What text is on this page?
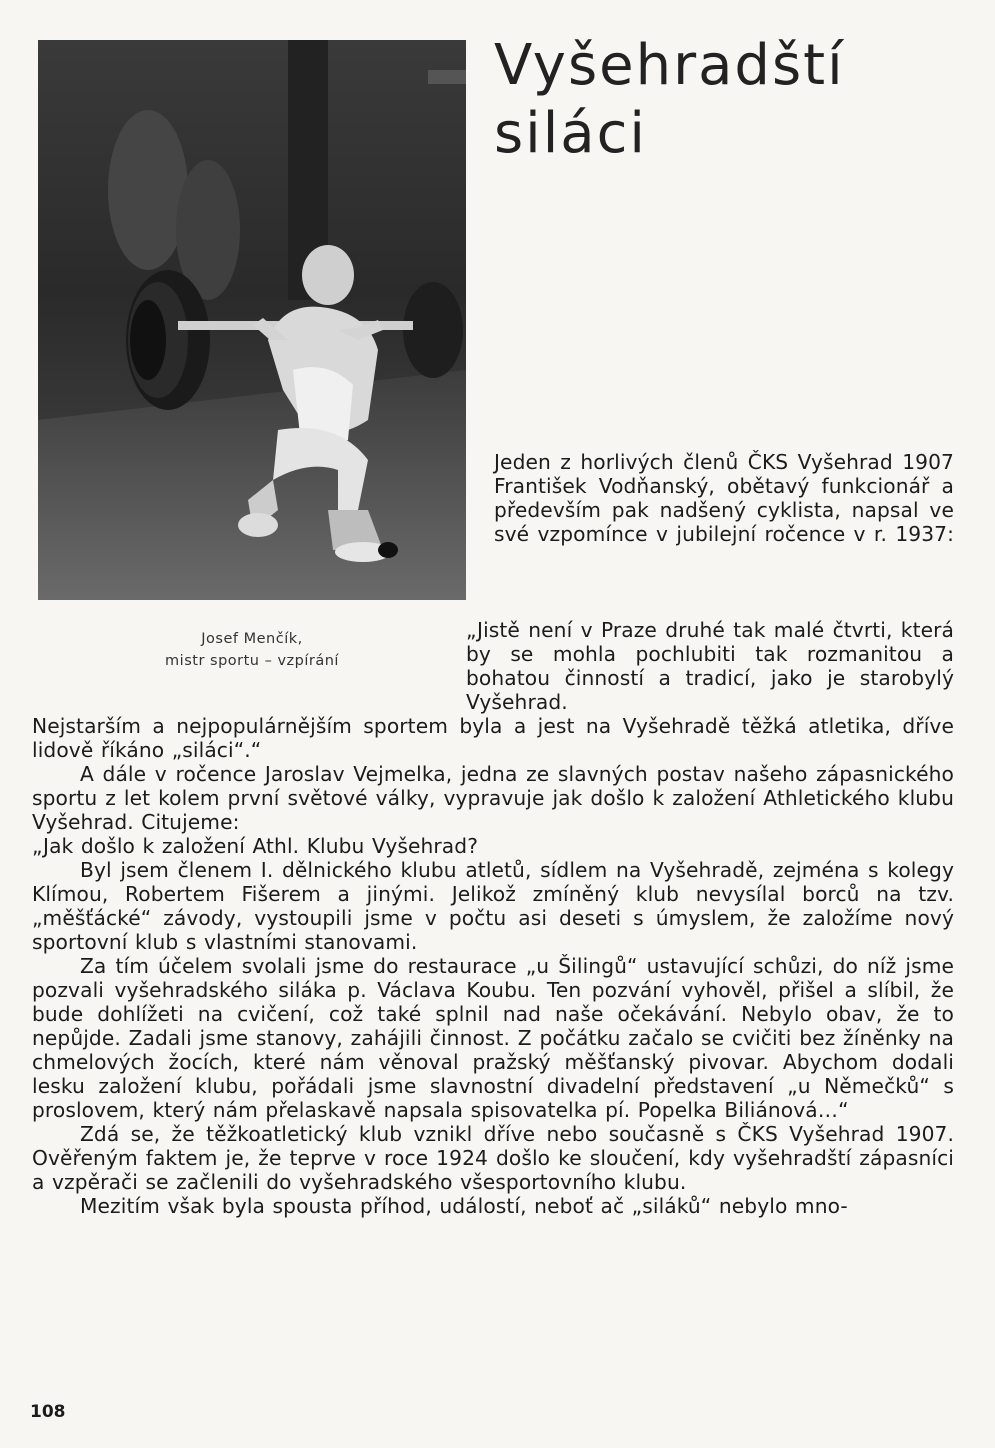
Vyšehradští
siláci
Josef Menčík,
mistr sportu – vzpírání
Jeden z horlivých členů ČKS Vyšehrad 1907 František Vodňanský, obětavý funkcionář a především pak nadšený cyklista, napsal ve své vzpomínce v jubilejní ročence v r. 1937:
„Jistě není v Praze druhé tak malé čtvrti, která by se mohla pochlubiti tak rozmanitou a bohatou činností a tradicí, jako je starobylý Vyšehrad.

Nejstarším a nejpopulárnějším sportem byla a jest na Vyšehradě těžká atletika, dříve lidově říkáno „siláci“.“

A dále v ročence Jaroslav Vejmelka, jedna ze slavných postav našeho zápasnického sportu z let kolem první světové války, vypravuje jak došlo k založení Athletického klubu Vyšehrad. Citujeme:

„Jak došlo k založení Athl. Klubu Vyšehrad?

Byl jsem členem I. dělnického klubu atletů, sídlem na Vyšehradě, zejména s kolegy Klímou, Robertem Fišerem a jinými. Jelikož zmíněný klub nevysílal borců na tzv. „měšťácké“ závody, vystoupili jsme v počtu asi deseti s úmyslem, že založíme nový sportovní klub s vlastními stanovami.

Za tím účelem svolali jsme do restaurace „u Šilingů“ ustavující schůzi, do níž jsme pozvali vyšehradského siláka p. Václava Koubu. Ten pozvání vyhověl, přišel a slíbil, že bude dohlížeti na cvičení, což také splnil nad naše očekávání. Nebylo obav, že to nepůjde. Zadali jsme stanovy, zahájili činnost. Z počátku začalo se cvičiti bez žíněnky na chmelových žocích, které nám věnoval pražský měšťanský pivovar. Abychom dodali lesku založení klubu, pořádali jsme slavnostní divadelní představení „u Němečků“ s proslovem, který nám přelaskavě napsala spisovatelka pí. Popelka Biliánová…“

Zdá se, že těžkoatletický klub vznikl dříve nebo současně s ČKS Vyšehrad 1907. Ověřeným faktem je, že teprve v roce 1924 došlo ke sloučení, kdy vyšehradští zápasníci a vzpěrači se začlenili do vyšehradského všesportovního klubu.

Mezitím však byla spousta příhod, událostí, neboť ač „siláků“ nebylo mno-

108
